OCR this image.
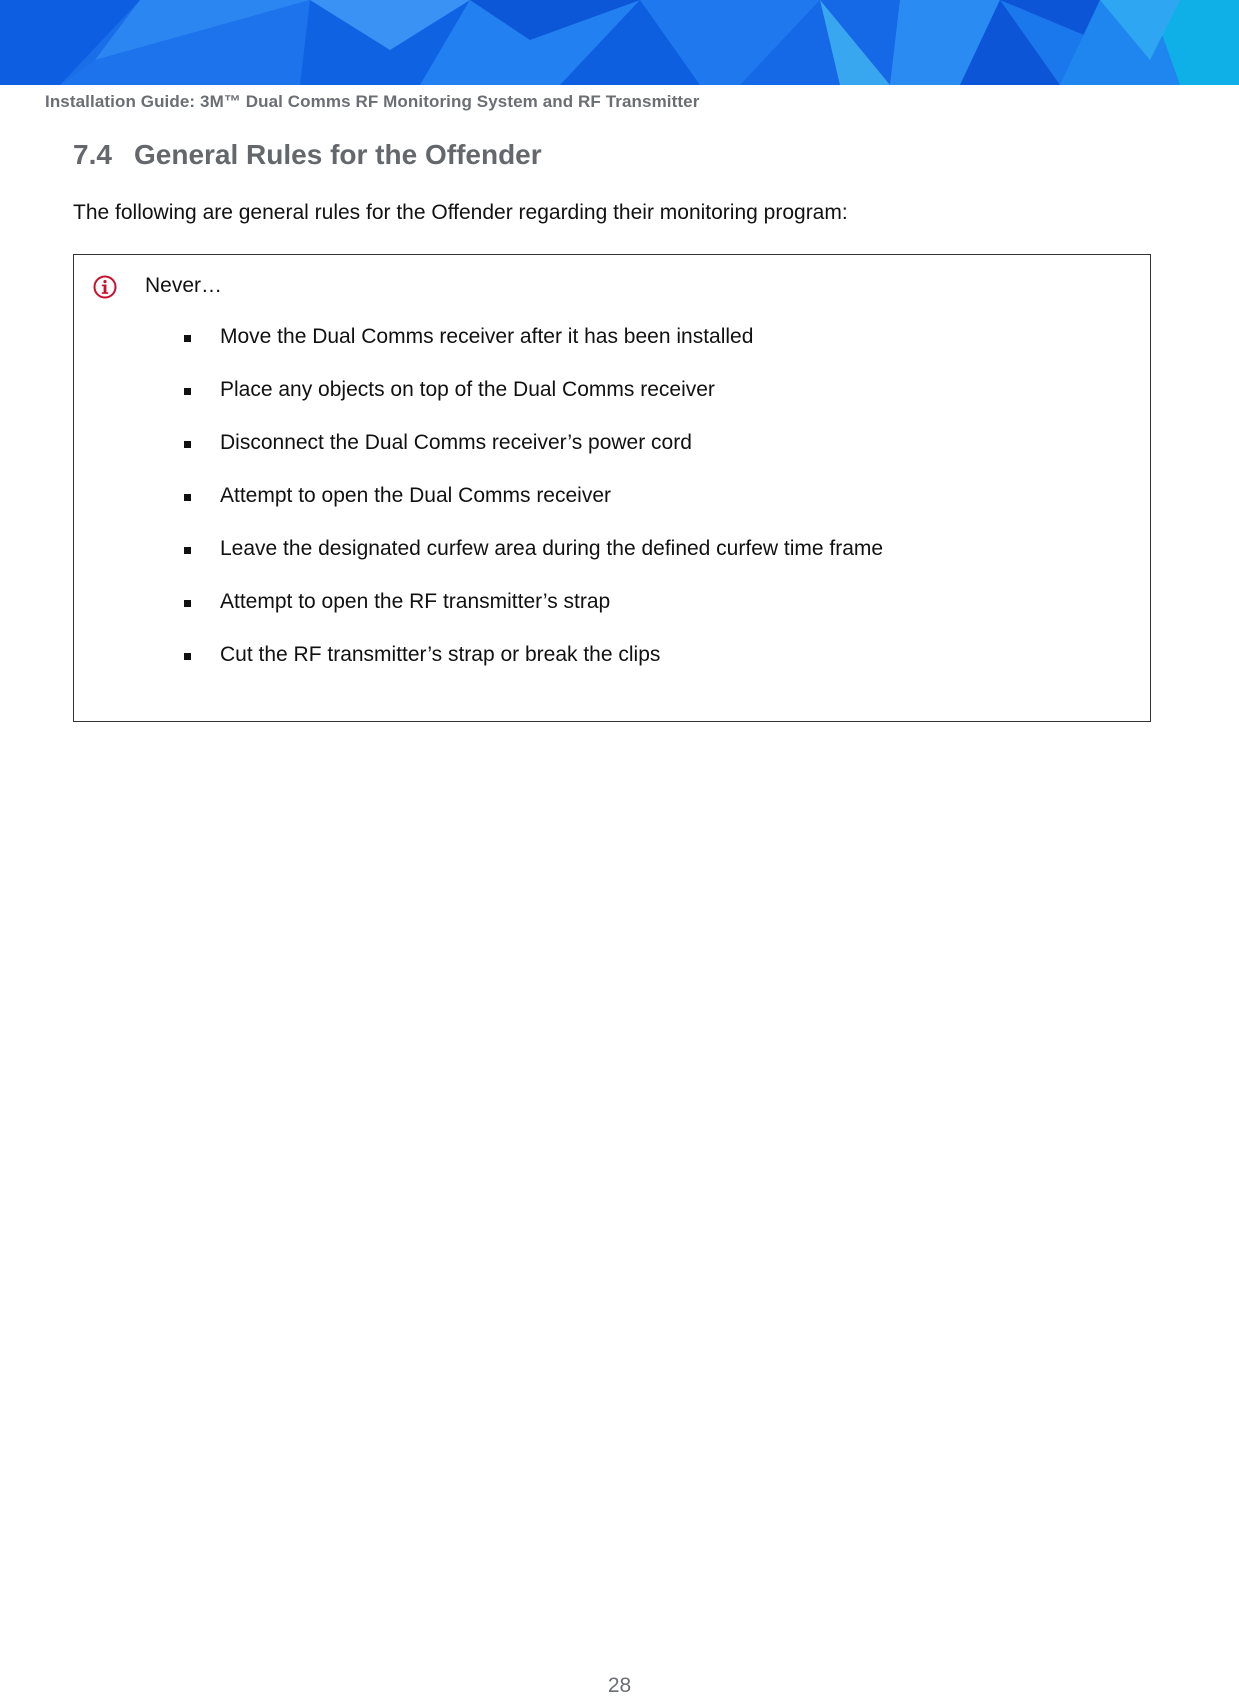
Installation Guide: 3M™ Dual Comms RF Monitoring System and RF Transmitter
7.4 General Rules for the Offender
The following are general rules for the Offender regarding their monitoring program:
Never…
Move the Dual Comms receiver after it has been installed
Place any objects on top of the Dual Comms receiver
Disconnect the Dual Comms receiver’s power cord
Attempt to open the Dual Comms receiver
Leave the designated curfew area during the defined curfew time frame
Attempt to open the RF transmitter’s strap
Cut the RF transmitter’s strap or break the clips
28
